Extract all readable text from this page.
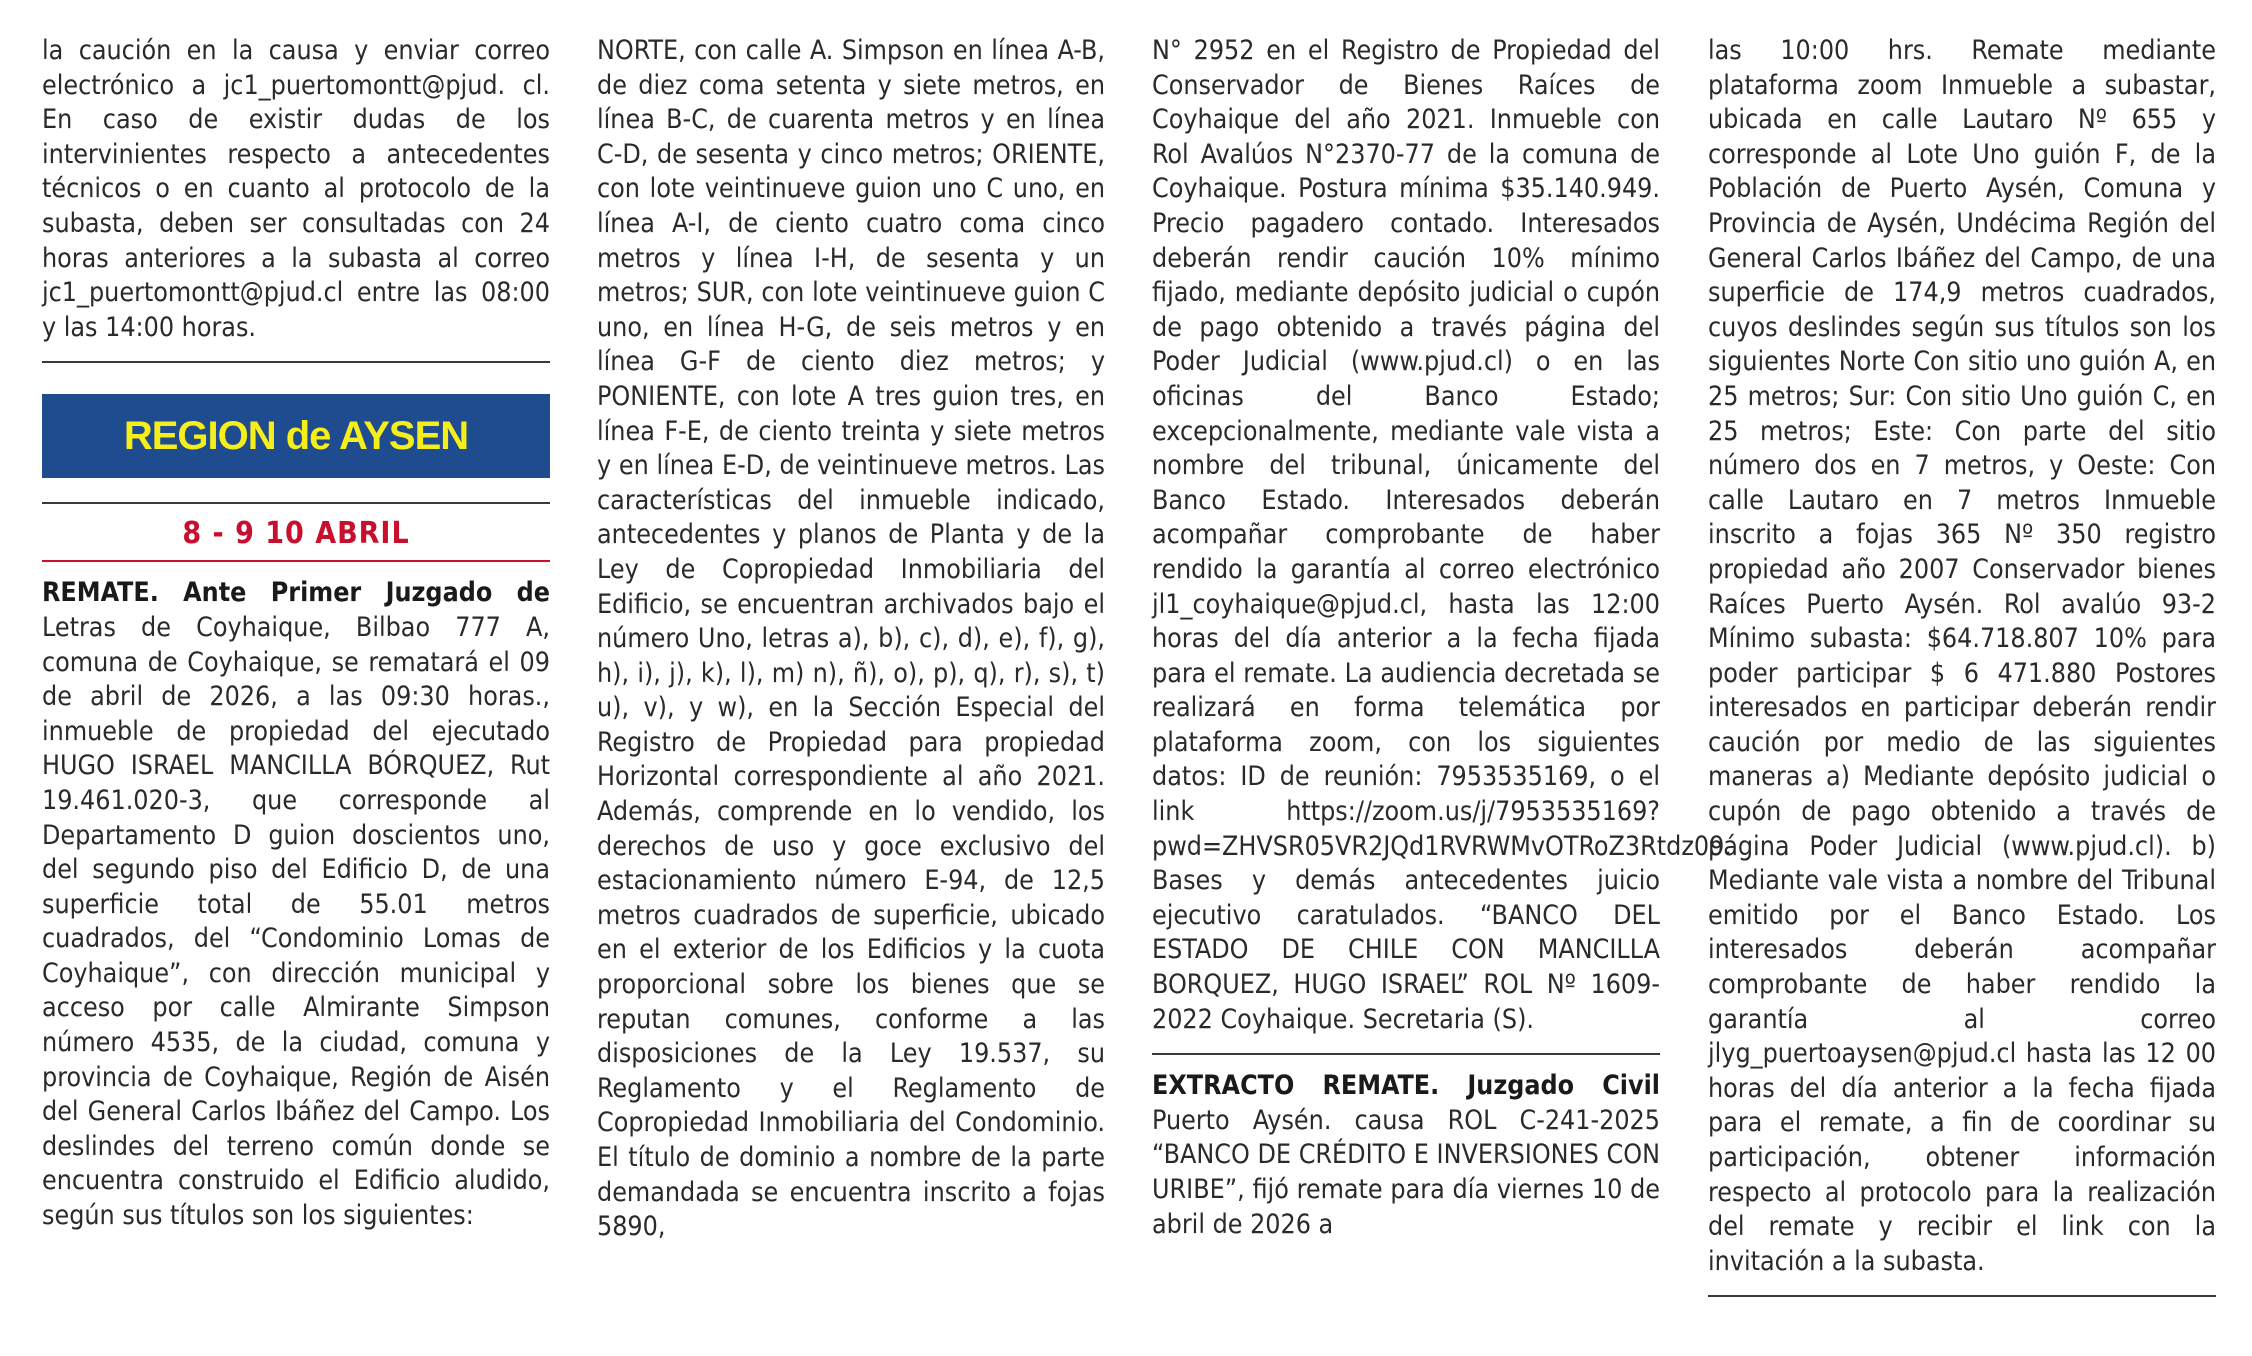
la caución en la causa y enviar correo electrónico a jc1_puertomontt@pjud. cl. En caso de existir dudas de los intervinientes respecto a antecedentes técnicos o en cuanto al protocolo de la subasta, deben ser consultadas con 24 horas anteriores a la subasta al correo jc1_puertomontt@pjud.cl entre las 08:00 y las 14:00 horas.

REGION de AYSEN
8 - 9 10 ABRIL

REMATE. Ante Primer Juzgado de Letras de Coyhaique, Bilbao 777 A, comuna de Coyhaique, se rematará el 09 de abril de 2026, a las 09:30 horas., inmueble de propiedad del ejecutado HUGO ISRAEL MANCILLA BÓRQUEZ, Rut 19.461.020-3, que corresponde al Departamento D guion doscientos uno, del segundo piso del Edificio D, de una superficie total de 55.01 metros cuadrados, del “Condominio Lomas de Coyhaique”, con dirección municipal y acceso por calle Almirante Simpson número 4535, de la ciudad, comuna y provincia de Coyhaique, Región de Aisén del General Carlos Ibáñez del Campo. Los deslindes del terreno común donde se encuentra construido el Edificio aludido, según sus títulos son los siguientes:

NORTE, con calle A. Simpson en línea A-B, de diez coma setenta y siete metros, en línea B-C, de cuarenta metros y en línea C-D, de sesenta y cinco metros; ORIENTE, con lote veintinueve guion uno C uno, en línea A-I, de ciento cuatro coma cinco metros y línea I-H, de sesenta y un metros; SUR, con lote veintinueve guion C uno, en línea H-G, de seis metros y en línea G-F de ciento diez metros; y PONIENTE, con lote A tres guion tres, en línea F-E, de ciento treinta y siete metros y en línea E-D, de veintinueve metros. Las características del inmueble indicado, antecedentes y planos de Planta y de la Ley de Copropiedad Inmobiliaria del Edificio, se encuentran archivados bajo el número Uno, letras a), b), c), d), e), f), g), h), i), j), k), l), m) n), ñ), o), p), q), r), s), t) u), v), y w), en la Sección Especial del Registro de Propiedad para propiedad Horizontal correspondiente al año 2021. Además, comprende en lo vendido, los derechos de uso y goce exclusivo del estacionamiento número E-94, de 12,5 metros cuadrados de superficie, ubicado en el exterior de los Edificios y la cuota proporcional sobre los bienes que se reputan comunes, conforme a las disposiciones de la Ley 19.537, su Reglamento y el Reglamento de Copropiedad Inmobiliaria del Condominio. El título de dominio a nombre de la parte demandada se encuentra inscrito a fojas 5890,

N° 2952 en el Registro de Propiedad del Conservador de Bienes Raíces de Coyhaique del año 2021. Inmueble con Rol Avalúos N°2370-77 de la comuna de Coyhaique. Postura mínima $35.140.949. Precio pagadero contado. Interesados deberán rendir caución 10% mínimo fijado, mediante depósito judicial o cupón de pago obtenido a través página del Poder Judicial (www.pjud.cl) o en las oficinas del Banco Estado; excepcionalmente, mediante vale vista a nombre del tribunal, únicamente del Banco Estado. Interesados deberán acompañar comprobante de haber rendido la garantía al correo electrónico jl1_coyhaique@pjud.cl, hasta las 12:00 horas del día anterior a la fecha fijada para el remate. La audiencia decretada se realizará en forma telemática por plataforma zoom, con los siguientes datos: ID de reunión: 7953535169, o el link https://zoom.us/j/7953535169?pwd=ZHVSR05VR2JQd1RVRWMvOTRoZ3Rtdz09. Bases y demás antecedentes juicio ejecutivo caratulados. “BANCO DEL ESTADO DE CHILE CON MANCILLA BORQUEZ, HUGO ISRAEL” ROL Nº 1609-2022 Coyhaique. Secretaria (S).

EXTRACTO REMATE. Juzgado Civil Puerto Aysén. causa ROL C-241-2025 “BANCO DE CRÉDITO E INVERSIONES CON URIBE”, fijó remate para día viernes 10 de abril de 2026 a

las 10:00 hrs. Remate mediante plataforma zoom Inmueble a subastar, ubicada en calle Lautaro Nº 655 y corresponde al Lote Uno guión F, de la Población de Puerto Aysén, Comuna y Provincia de Aysén, Undécima Región del General Carlos Ibáñez del Campo, de una superficie de 174,9 metros cuadrados, cuyos deslindes según sus títulos son los siguientes Norte Con sitio uno guión A, en 25 metros; Sur: Con sitio Uno guión C, en 25 metros; Este: Con parte del sitio número dos en 7 metros, y Oeste: Con calle Lautaro en 7 metros Inmueble inscrito a fojas 365 Nº 350 registro propiedad año 2007 Conservador bienes Raíces Puerto Aysén. Rol avalúo 93-2 Mínimo subasta: $64.718.807 10% para poder participar $ 6 471.880 Postores interesados en participar deberán rendir caución por medio de las siguientes maneras a) Mediante depósito judicial o cupón de pago obtenido a través de página Poder Judicial (www.pjud.cl). b) Mediante vale vista a nombre del Tribunal emitido por el Banco Estado. Los interesados deberán acompañar comprobante de haber rendido la garantía al correo jlyg_puertoaysen@pjud.cl hasta las 12 00 horas del día anterior a la fecha fijada para el remate, a fin de coordinar su participación, obtener información respecto al protocolo para la realización del remate y recibir el link con la invitación a la subasta.
